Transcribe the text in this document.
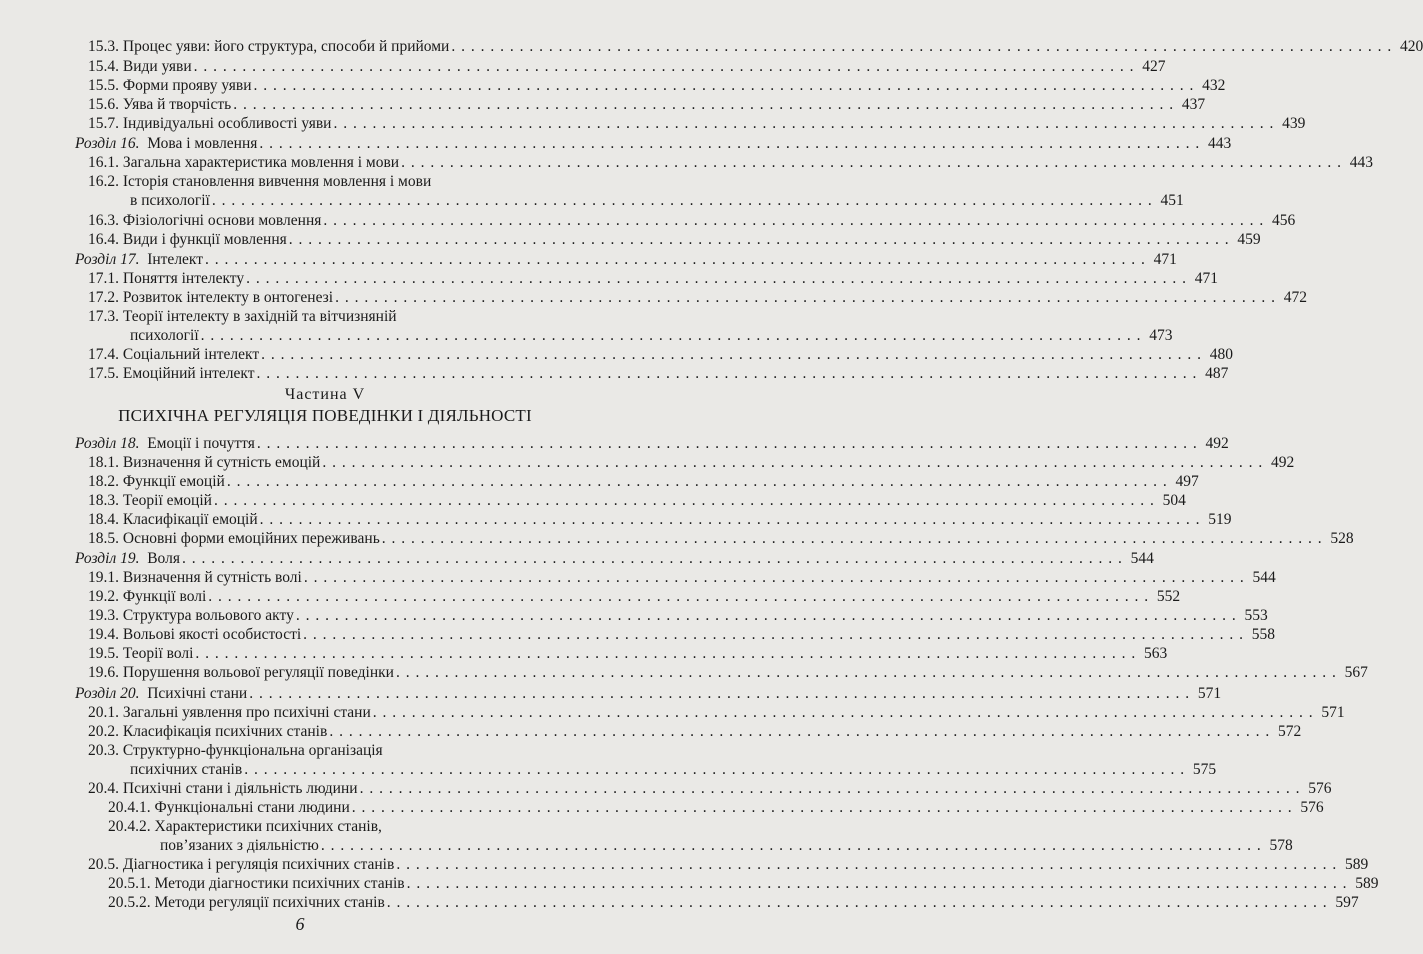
15.3. Процес уяви: його структура, способи й прийоми . . .	420
15.4. Види уяви . . .	427
15.5. Форми прояву уяви . . .	432
15.6. Уява й творчість . . .	437
15.7. Індивідуальні особливості уяви . . .	439
Розділ 16. Мова і мовлення . . .	443
16.1. Загальна характеристика мовлення і мови . . .	443
16.2. Історія становлення вивчення мовлення і мови
в психології . . .	451
16.3. Фізіологічні основи мовлення . . .	456
16.4. Види і функції мовлення . . .	459
Розділ 17. Інтелект . . .	471
17.1. Поняття інтелекту . . .	471
17.2. Розвиток інтелекту в онтогенезі . . .	472
17.3. Теорії інтелекту в західній та вітчизняній
психології . . .	473
17.4. Соціальний інтелект . . .	480
17.5. Емоційний інтелект . . .	487
Розділ 18. Емоції і почуття . . .	492
18.1. Визначення й сутність емоцій . . .	492
18.2. Функції емоцій . . .	497
18.3. Теорії емоцій . . .	504
18.4. Класифікації емоцій . . .	519
18.5. Основні форми емоційних переживань . . .	528
Розділ 19. Воля . . .	544
19.1. Визначення й сутність волі . . .	544
19.2. Функції волі . . .	552
19.3. Структура вольового акту . . .	553
19.4. Вольові якості особистості . . .	558
19.5. Теорії волі . . .	563
19.6. Порушення вольової регуляції поведінки . . .	567
Розділ 20. Психічні стани . . .	571
20.1. Загальні уявлення про психічні стани . . .	571
20.2. Класифікація психічних станів . . .	572
20.3. Структурно-функціональна організація
психічних станів . . .	575
20.4. Психічні стани і діяльність людини . . .	576
20.4.1. Функціональні стани людини . . .	576
20.4.2. Характеристики психічних станів,
пов’язаних з діяльністю . . .	578
20.5. Діагностика і регуляція психічних станів . . .	589
20.5.1. Методи діагностики психічних станів . . .	589
20.5.2. Методи регуляції психічних станів . . .	597
Частина V
ПСИХІЧНА РЕГУЛЯЦІЯ ПОВЕДІНКИ І ДІЯЛЬНОСТІ
6
